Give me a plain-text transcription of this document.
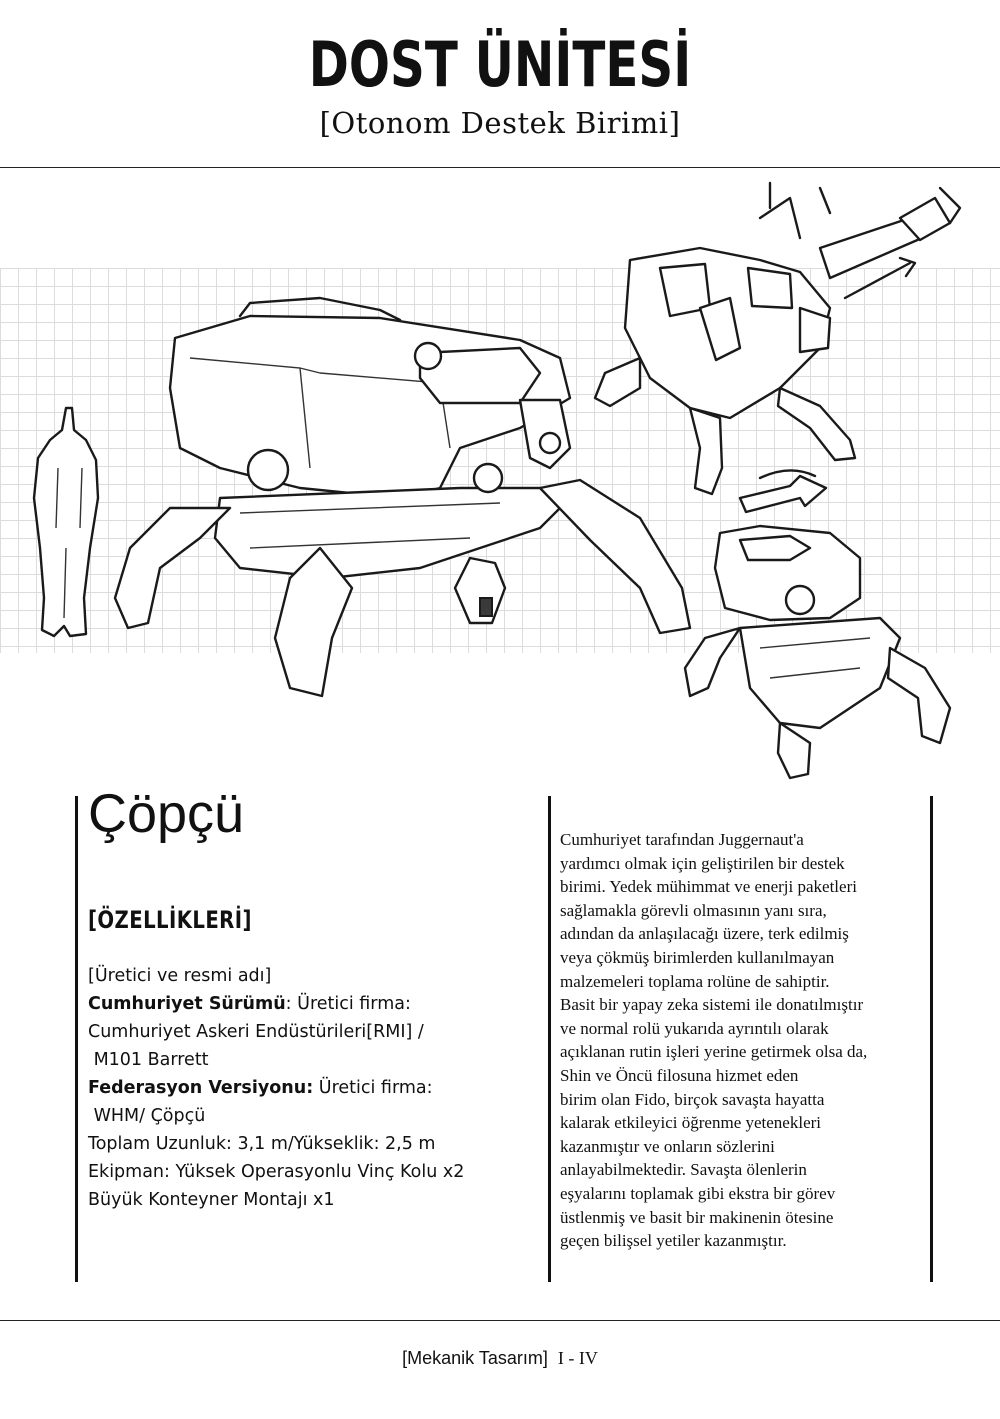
DOST ÜNİTESİ
[Otonom Destek Birimi]
Çöpçü
[ÖZELLİKLERİ]
[Üretici ve resmi adı]
Cumhuriyet Sürümü: Üretici firma:
Cumhuriyet Askeri Endüstürileri[RMI] /
M101 Barrett
Federasyon Versiyonu: Üretici firma:
WHM/ Çöpçü
Toplam Uzunluk: 3,1 m/Yükseklik: 2,5 m
Ekipman: Yüksek Operasyonlu Vinç Kolu x2
Büyük Konteyner Montajı x1
Cumhuriyet tarafından Juggernaut'a
yardımcı olmak için geliştirilen bir destek
birimi. Yedek mühimmat ve enerji paketleri
sağlamakla görevli olmasının yanı sıra,
adından da anlaşılacağı üzere, terk edilmiş
veya çökmüş birimlerden kullanılmayan
malzemeleri toplama rolüne de sahiptir.
Basit bir yapay zeka sistemi ile donatılmıştır
ve normal rolü yukarıda ayrıntılı olarak
açıklanan rutin işleri yerine getirmek olsa da,
Shin ve Öncü filosuna hizmet eden
birim olan Fido, birçok savaşta hayatta
kalarak etkileyici öğrenme yetenekleri
kazanmıştır ve onların sözlerini
anlayabilmektedir. Savaşta ölenlerin
eşyalarını toplamak gibi ekstra bir görev
üstlenmiş ve basit bir makinenin ötesine
geçen bilişsel yetiler kazanmıştır.
[Mekanik Tasarım] I - IV
